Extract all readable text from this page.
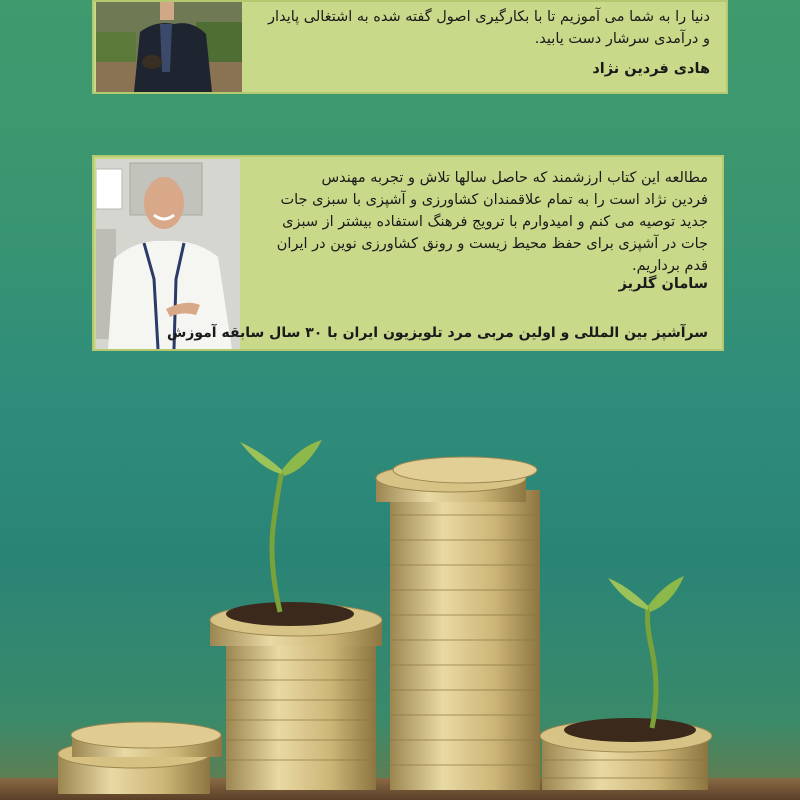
دنیا را به شما می آموزیم تا با بکارگیری اصول گفته شده به اشتغالی پایدار
و درآمدی سرشار دست یابید.
هادی فردین نژاد
مطالعه این کتاب ارزشمند که حاصل سالها تلاش و تجربه مهندس
فردین نژاد است را به تمام علاقمندان کشاورزی و آشپزی با سبزی جات
جدید توصیه می کنم و امیدوارم با ترویج فرهنگ استفاده بیشتر از سبزی
جات در آشپزی برای حفظ محیط زیست و رونق کشاورزی نوین در ایران
قدم برداریم.
سامان گلریز
سرآشپز بین المللی و اولین مربی مرد تلویزیون ایران با ۳۰ سال سابقه آموزش
